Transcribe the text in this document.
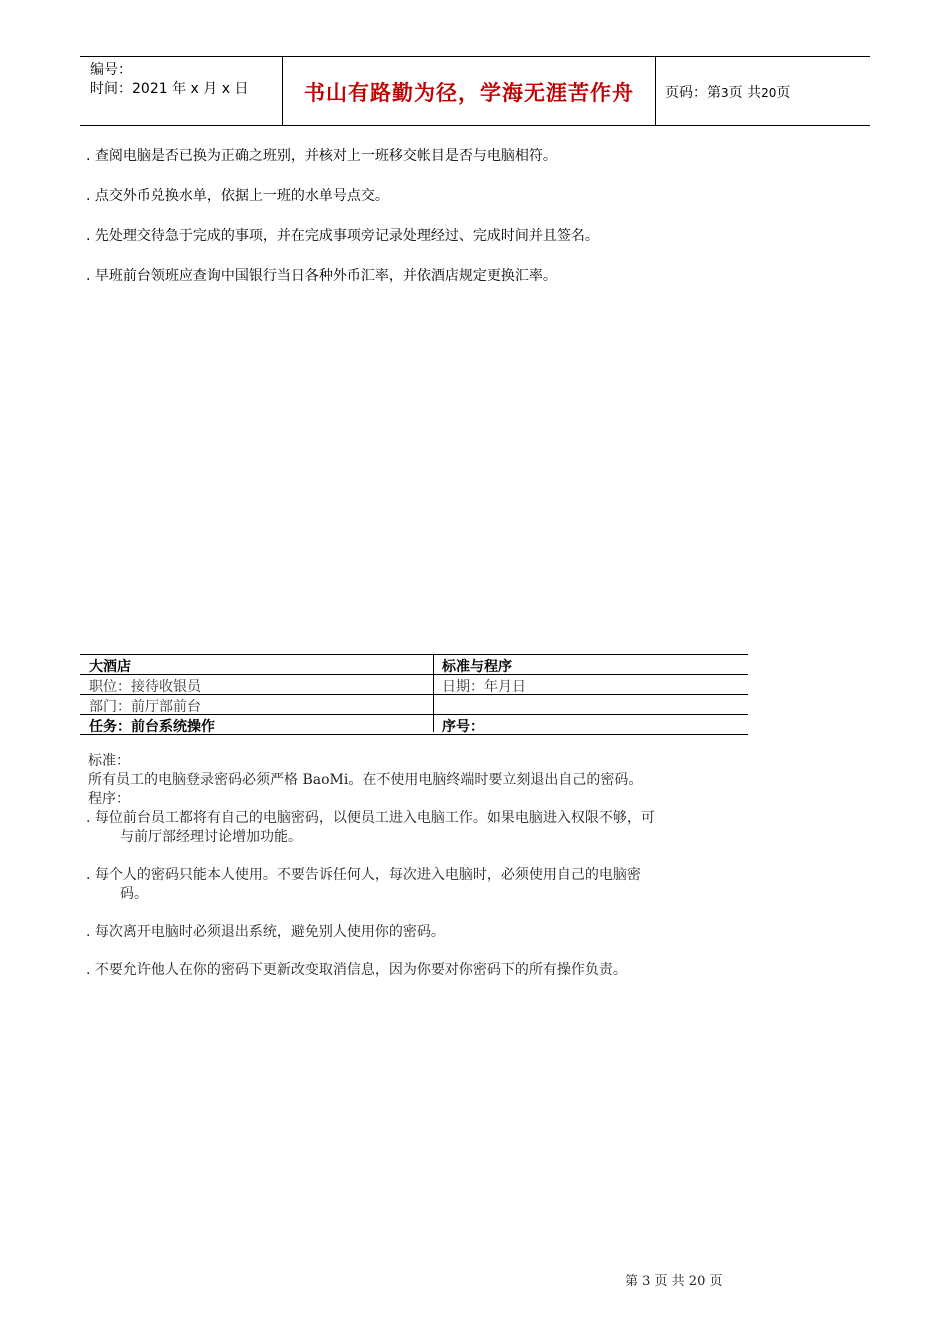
编号：
时间：2021 年 x 月 x 日	书山有路勤为径，学海无涯苦作舟	页码：第3页 共20页
. 查阅电脑是否已换为正确之班别，并核对上一班移交帐目是否与电脑相符。
. 点交外币兑换水单，依据上一班的水单号点交。
. 先处理交待急于完成的事项，并在完成事项旁记录处理经过、完成时间并且签名。
. 早班前台领班应查询中国银行当日各种外币汇率，并依酒店规定更换汇率。
大酒店	标准与程序
职位：接待收银员	日期：年月日
部门：前厅部前台
任务：前台系统操作	序号：
标准：
所有员工的电脑登录密码必须严格 BaoMi。在不使用电脑终端时要立刻退出自己的密码。
程序：
. 每位前台员工都将有自己的电脑密码，以便员工进入电脑工作。如果电脑进入权限不够，可
与前厅部经理讨论增加功能。
. 每个人的密码只能本人使用。不要告诉任何人，每次进入电脑时，必须使用自己的电脑密
码。
. 每次离开电脑时必须退出系统，避免别人使用你的密码。
. 不要允许他人在你的密码下更新改变取消信息，因为你要对你密码下的所有操作负责。
第 3 页 共 20 页
